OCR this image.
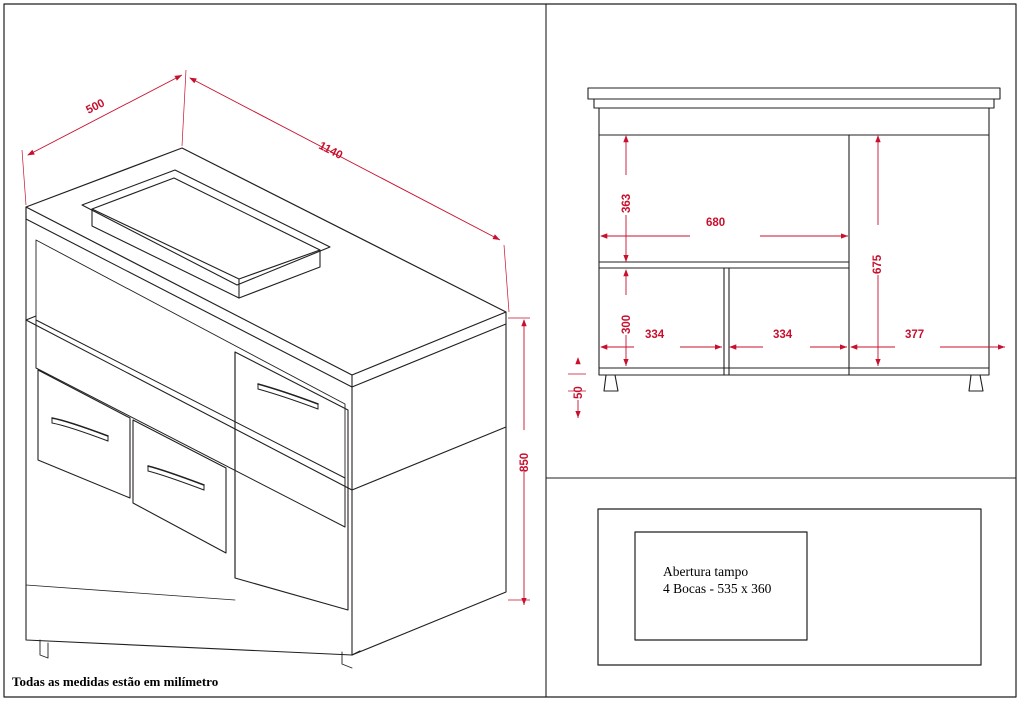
500
1140
850
363
680
300
675
334	334	377
50
Abertura tampo
4 Bocas - 535 x 360
Todas as medidas estão em milímetro
